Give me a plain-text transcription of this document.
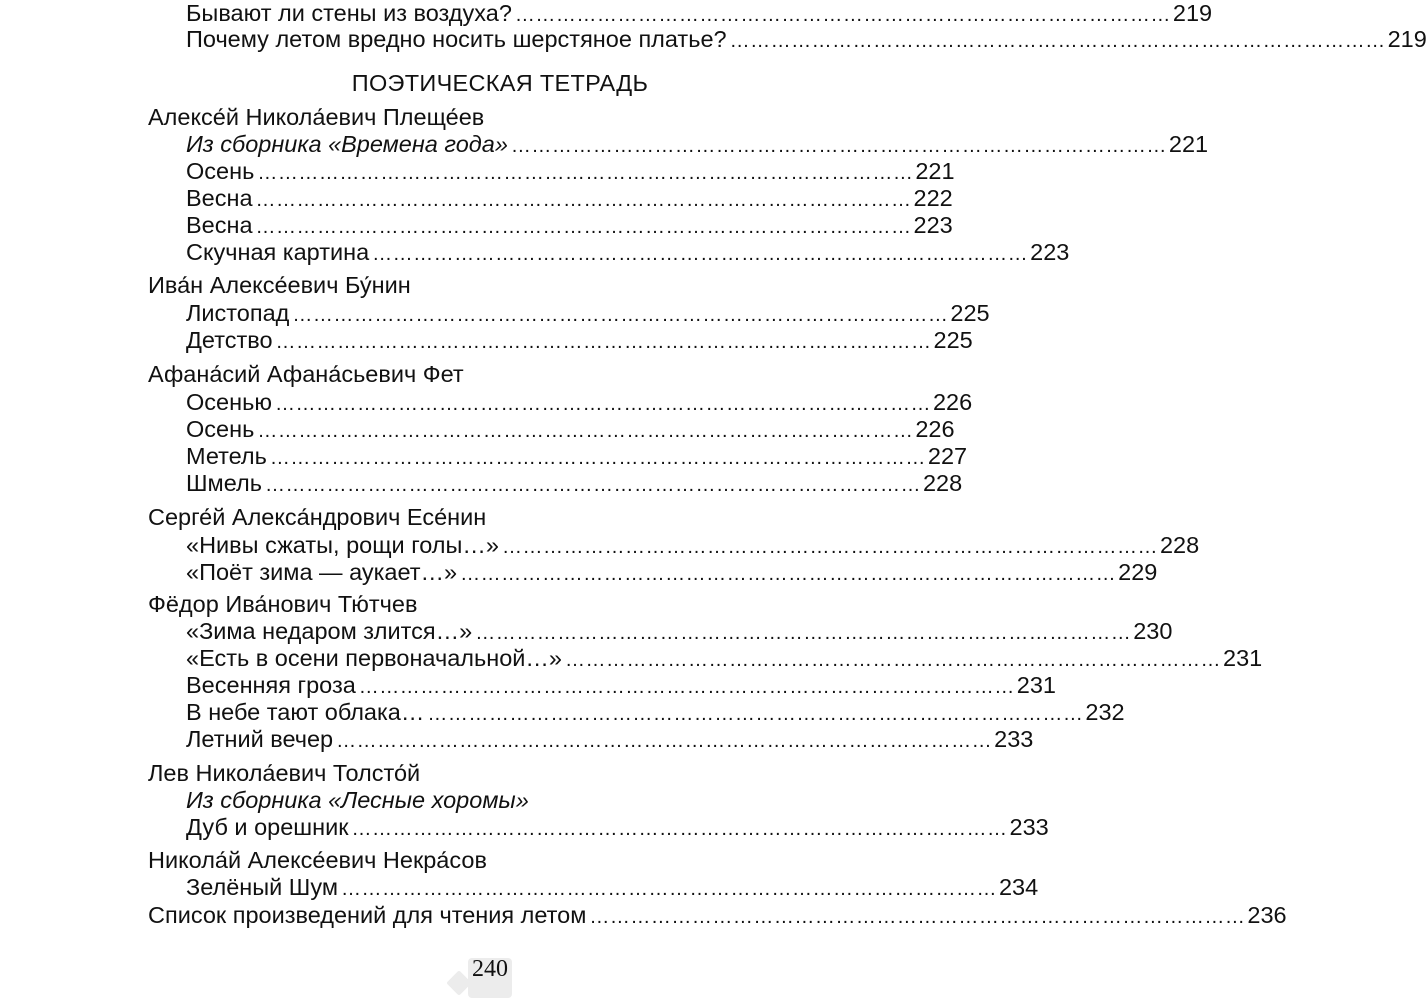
Бывают ли стены из воздуха? …………………………………………………………………………………… 219
Почему летом вредно носить шерстяное платье? …………………………………………………………………………………… 219
ПОЭТИЧЕСКАЯ ТЕТРАДЬ
Алексе́й Никола́евич Плеще́ев
Из сборника «Времена года» …………………………………………………………………………………… 221
Осень …………………………………………………………………………………… 221
Весна …………………………………………………………………………………… 222
Весна …………………………………………………………………………………… 223
Скучная картина …………………………………………………………………………………… 223
Ива́н Алексе́евич Бу́нин
Листопад …………………………………………………………………………………… 225
Детство …………………………………………………………………………………… 225
Афана́сий Афана́сьевич Фет
Осенью …………………………………………………………………………………… 226
Осень …………………………………………………………………………………… 226
Метель …………………………………………………………………………………… 227
Шмель …………………………………………………………………………………… 228
Серге́й Алекса́ндрович Есе́нин
«Нивы сжаты, рощи голы…» …………………………………………………………………………………… 228
«Поёт зима — аукает…» …………………………………………………………………………………… 229
Фёдор Ива́нович Тю́тчев
«Зима недаром злится…» …………………………………………………………………………………… 230
«Есть в осени первоначальной…» …………………………………………………………………………………… 231
Весенняя гроза …………………………………………………………………………………… 231
В небе тают облака… …………………………………………………………………………………… 232
Летний вечер …………………………………………………………………………………… 233
Лев Никола́евич Толсто́й
Из сборника «Лесные хоромы»
Дуб и орешник …………………………………………………………………………………… 233
Никола́й Алексе́евич Некра́сов
Зелёный Шум …………………………………………………………………………………… 234
Список произведений для чтения летом …………………………………………………………………………………… 236
240
